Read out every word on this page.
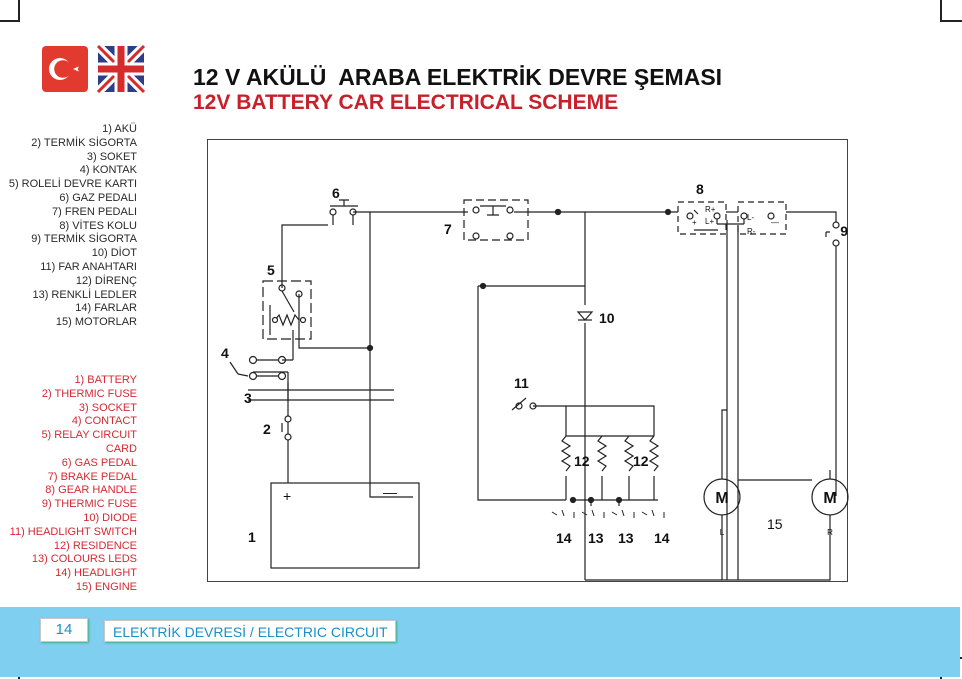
12 V AKÜLÜ  ARABA ELEKTRİK DEVRE ŞEMASI
12V BATTERY CAR ELECTRICAL SCHEME
1) AKÜ
2) TERMİK SİGORTA
3) SOKET
4) KONTAK
5) ROLELİ DEVRE KARTI
6) GAZ PEDALI
7) FREN PEDALI
8) VİTES KOLU
9) TERMİK SİGORTA
10) DİOT
11) FAR ANAHTARI
12) DİRENÇ
13) RENKLİ LEDLER
14) FARLAR
15) MOTORLAR
1) BATTERY
2) THERMIC FUSE
3) SOCKET
4) CONTACT
5) RELAY CIRCUIT
CARD
6) GAS PEDAL
7) BRAKE PEDAL
8) GEAR HANDLE
9) THERMIC FUSE
10) DIODE
11) HEADLIGHT SWITCH
12) RESIDENCE
13) COLOURS LEDS
14) HEADLIGHT
15) ENGINE
4
5
6
7
8
9
10
11
3
2
1
12	12
14 13 13 14
15
R+
L+	L-
R-
+	—
+	—	M	M
L	R
14	ELEKTRİK DEVRESİ / ELECTRIC CIRCUIT
